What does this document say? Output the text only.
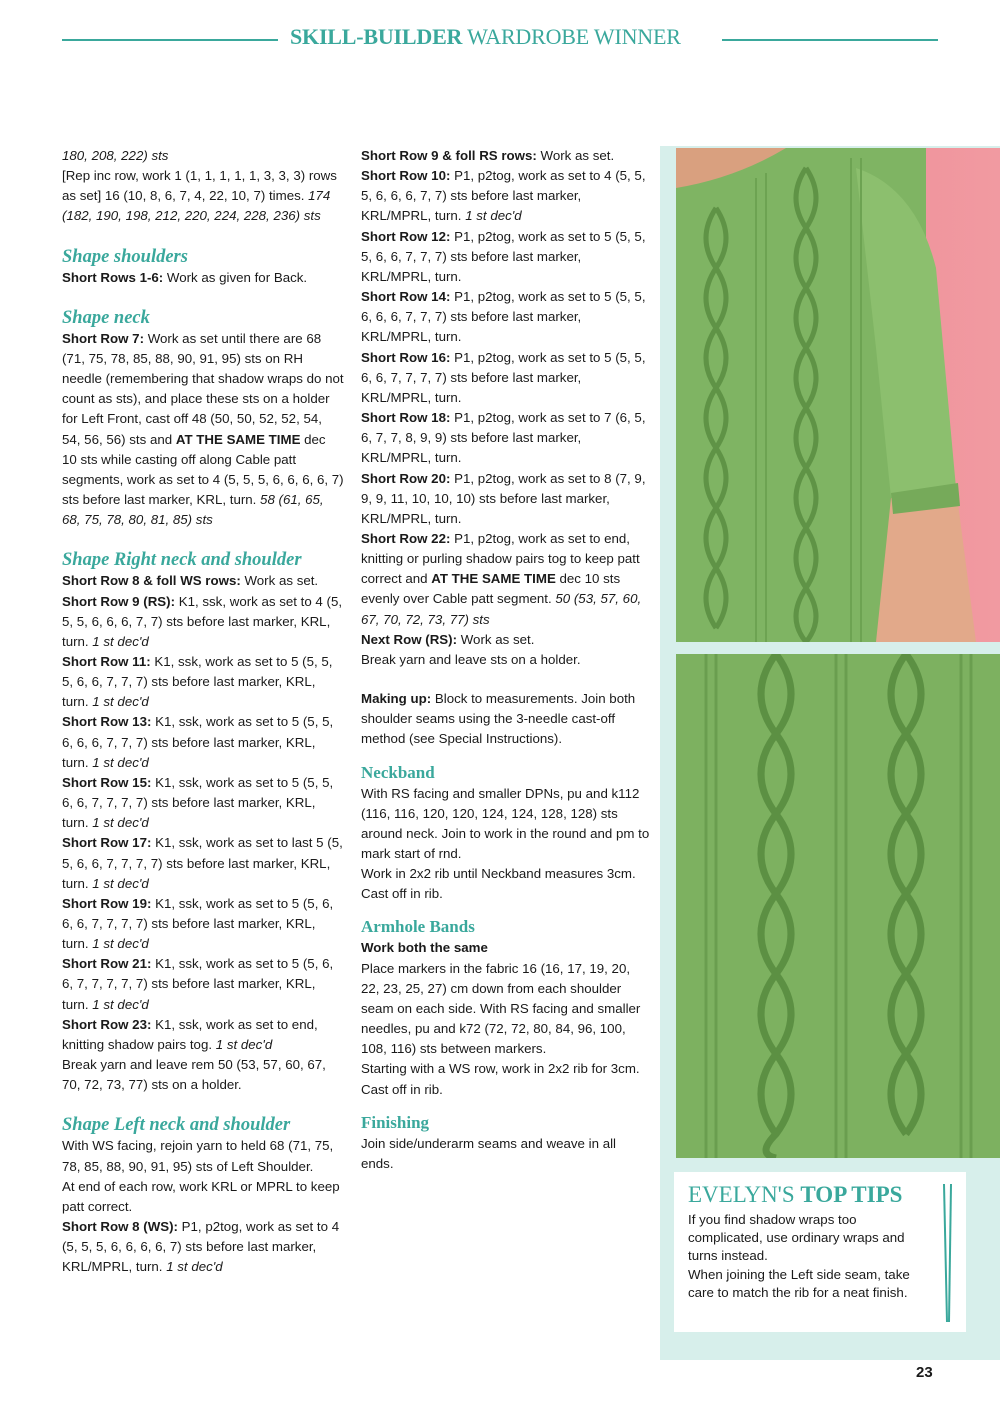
SKILL-BUILDER WARDROBE WINNER

180, 208, 222) sts

[Rep inc row, work 1 (1, 1, 1, 1, 1, 3, 3, 3) rows as set] 16 (10, 8, 6, 7, 4, 22, 10, 7) times. 174 (182, 190, 198, 212, 220, 224, 228, 236) sts

Shape shoulders

Short Rows 1-6: Work as given for Back.

Shape neck

Short Row 7: Work as set until there are 68 (71, 75, 78, 85, 88, 90, 91, 95) sts on RH needle (remembering that shadow wraps do not count as sts), and place these sts on a holder for Left Front, cast off 48 (50, 50, 52, 52, 54, 54, 56, 56) sts and AT THE SAME TIME dec 10 sts while casting off along Cable patt segments, work as set to 4 (5, 5, 5, 6, 6, 6, 6, 7) sts before last marker, KRL, turn. 58 (61, 65, 68, 75, 78, 80, 81, 85) sts

Shape Right neck and shoulder

Short Row 8 & foll WS rows: Work as set.

Short Row 9 (RS): K1, ssk, work as set to 4 (5, 5, 5, 6, 6, 6, 7, 7) sts before last marker, KRL, turn. 1 st dec'd

Short Row 11: K1, ssk, work as set to 5 (5, 5, 5, 6, 6, 7, 7, 7) sts before last marker, KRL, turn. 1 st dec'd

Short Row 13: K1, ssk, work as set to 5 (5, 5, 6, 6, 6, 7, 7, 7) sts before last marker, KRL, turn. 1 st dec'd

Short Row 15: K1, ssk, work as set to 5 (5, 5, 6, 6, 7, 7, 7, 7) sts before last marker, KRL, turn. 1 st dec'd

Short Row 17: K1, ssk, work as set to last 5 (5, 5, 6, 6, 7, 7, 7, 7) sts before last marker, KRL, turn. 1 st dec'd

Short Row 19: K1, ssk, work as set to 5 (5, 6, 6, 6, 7, 7, 7, 7) sts before last marker, KRL, turn. 1 st dec'd

Short Row 21: K1, ssk, work as set to 5 (5, 6, 6, 7, 7, 7, 7, 7) sts before last marker, KRL, turn. 1 st dec'd

Short Row 23: K1, ssk, work as set to end, knitting shadow pairs tog. 1 st dec'd

Break yarn and leave rem 50 (53, 57, 60, 67, 70, 72, 73, 77) sts on a holder.

Shape Left neck and shoulder

With WS facing, rejoin yarn to held 68 (71, 75, 78, 85, 88, 90, 91, 95) sts of Left Shoulder.

At end of each row, work KRL or MPRL to keep patt correct.

Short Row 8 (WS): P1, p2tog, work as set to 4 (5, 5, 5, 6, 6, 6, 6, 7) sts before last marker, KRL/MPRL, turn. 1 st dec'd

Short Row 9 & foll RS rows: Work as set.

Short Row 10: P1, p2tog, work as set to 4 (5, 5, 5, 6, 6, 6, 7, 7) sts before last marker, KRL/MPRL, turn. 1 st dec'd

Short Row 12: P1, p2tog, work as set to 5 (5, 5, 5, 6, 6, 7, 7, 7) sts before last marker, KRL/MPRL, turn.

Short Row 14: P1, p2tog, work as set to 5 (5, 5, 6, 6, 6, 7, 7, 7) sts before last marker, KRL/MPRL, turn.

Short Row 16: P1, p2tog, work as set to 5 (5, 5, 6, 6, 7, 7, 7, 7) sts before last marker, KRL/MPRL, turn.

Short Row 18: P1, p2tog, work as set to 7 (6, 5, 6, 7, 7, 8, 9, 9) sts before last marker, KRL/MPRL, turn.

Short Row 20: P1, p2tog, work as set to 8 (7, 9, 9, 9, 11, 10, 10, 10) sts before last marker, KRL/MPRL, turn.

Short Row 22: P1, p2tog, work as set to end, knitting or purling shadow pairs tog to keep patt correct and AT THE SAME TIME dec 10 sts evenly over Cable patt segment. 50 (53, 57, 60, 67, 70, 72, 73, 77) sts

Next Row (RS): Work as set.

Break yarn and leave sts on a holder.

Making up: Block to measurements. Join both shoulder seams using the 3-needle cast-off method (see Special Instructions).

Neckband

With RS facing and smaller DPNs, pu and k112 (116, 116, 120, 120, 124, 124, 128, 128) sts around neck. Join to work in the round and pm to mark start of rnd.

Work in 2x2 rib until Neckband measures 3cm.

Cast off in rib.

Armhole Bands

Work both the same

Place markers in the fabric 16 (16, 17, 19, 20, 22, 23, 25, 27) cm down from each shoulder seam on each side. With RS facing and smaller needles, pu and k72 (72, 72, 80, 84, 96, 100, 108, 116) sts between markers.

Starting with a WS row, work in 2x2 rib for 3cm.

Cast off in rib.

Finishing

Join side/underarm seams and weave in all ends.

EVELYN'S TOP TIPS

If you find shadow wraps too complicated, use ordinary wraps and turns instead.

When joining the Left side seam, take care to match the rib for a neat finish.

23
